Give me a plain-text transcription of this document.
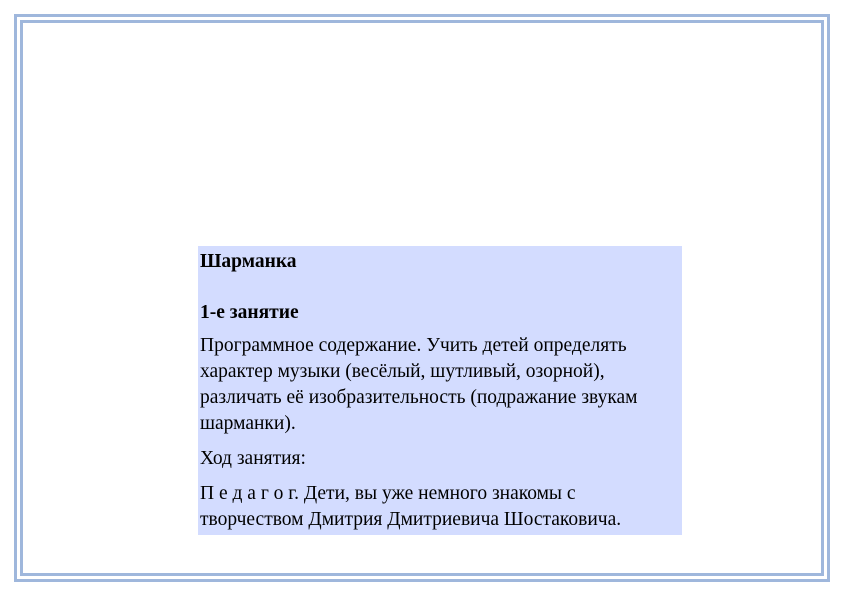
Шарманка
1-е занятие
Программное содержание. Учить детей определять характер музыки (весёлый, шутливый, озорной), различать её изобразительность (подражание звукам шарманки).
Ход занятия:
П е д а г о г. Дети, вы уже немного знакомы с творчеством Дмитрия Дмитриевича Шостаковича.
